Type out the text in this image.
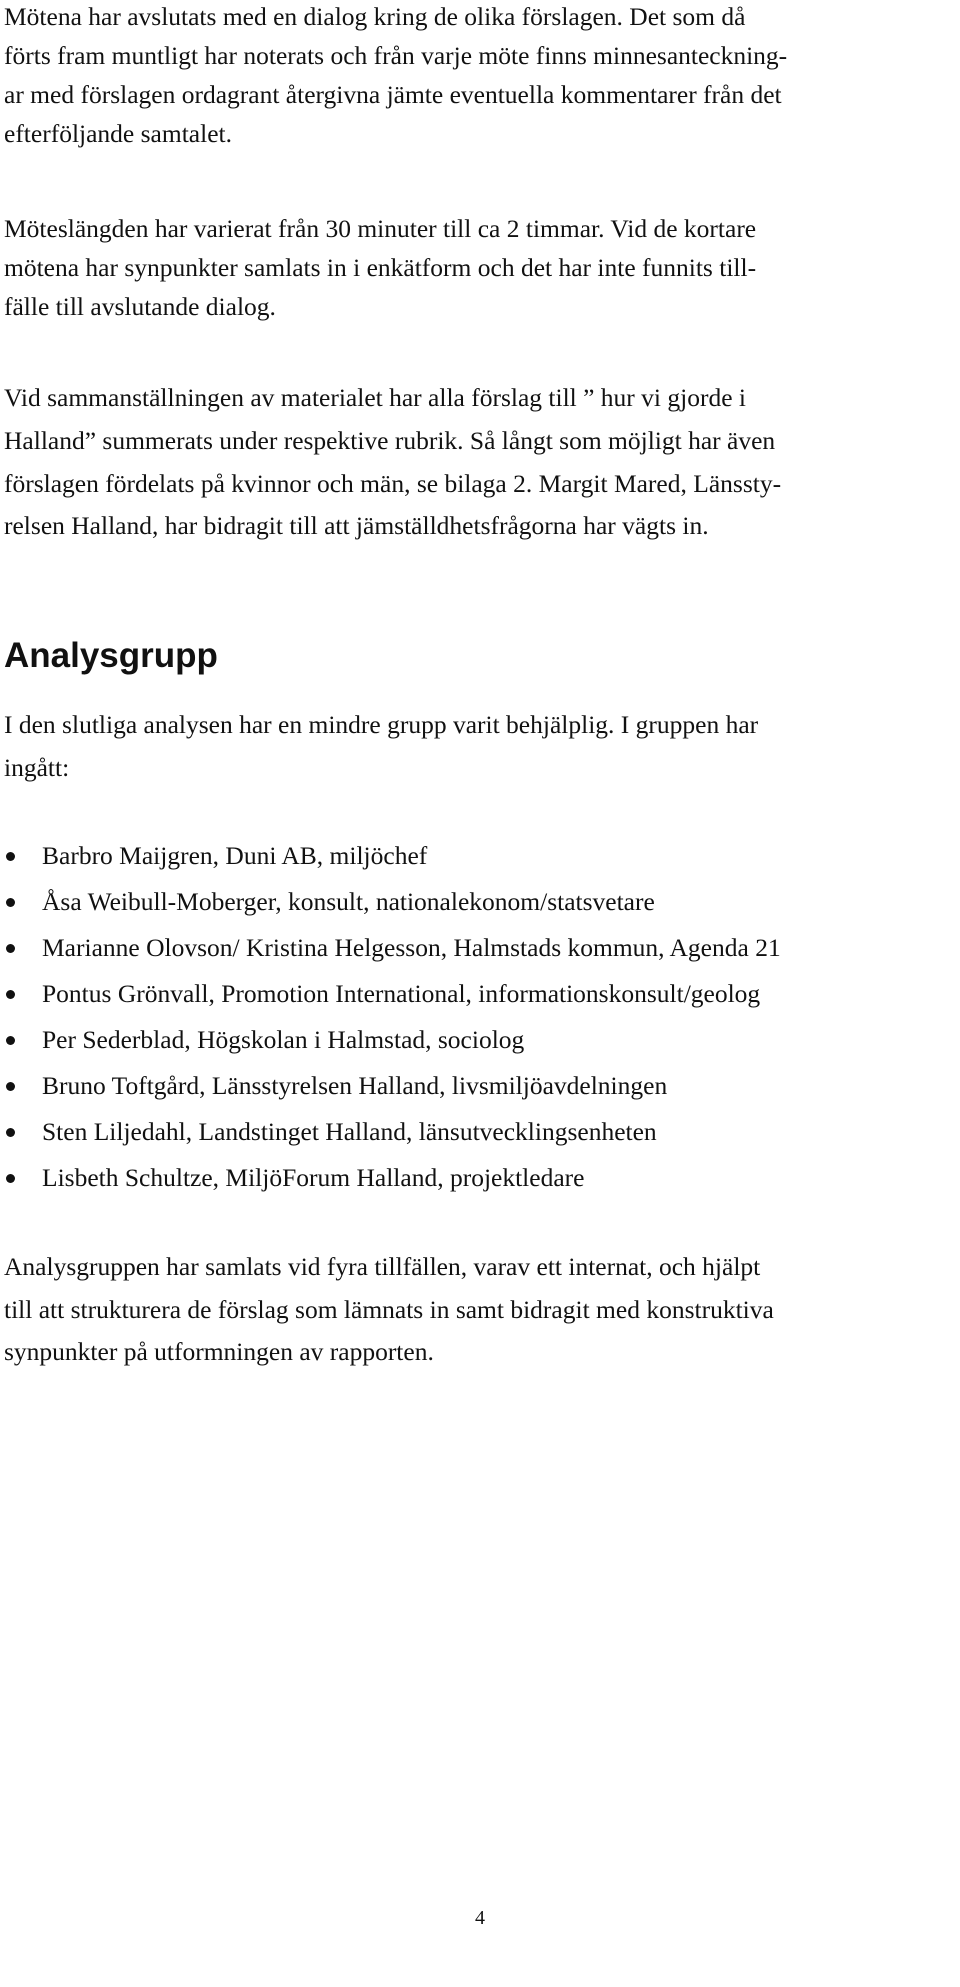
Mötena har avslutats med en dialog kring de olika förslagen. Det som då
förts fram muntligt har noterats och från varje möte finns minnesanteckning-
ar med förslagen ordagrant återgivna jämte eventuella kommentarer från det
efterföljande samtalet.
Möteslängden har varierat från 30 minuter till ca 2 timmar. Vid de kortare
mötena har synpunkter samlats in i enkätform och det har inte funnits till-
fälle till avslutande dialog.
Vid sammanställningen av materialet har alla förslag till ” hur vi gjorde i
Halland” summerats under respektive rubrik. Så långt som möjligt har även
förslagen fördelats på kvinnor och män, se bilaga 2. Margit Mared, Länssty-
relsen Halland, har bidragit till att jämställdhetsfrågorna har vägts in.
Analysgrupp
I den slutliga analysen har en mindre grupp varit behjälplig. I gruppen har
ingått:
Barbro Maijgren, Duni AB, miljöchef
Åsa Weibull-Moberger, konsult, nationalekonom/statsvetare
Marianne Olovson/ Kristina Helgesson, Halmstads kommun, Agenda 21
Pontus Grönvall, Promotion International, informationskonsult/geolog
Per Sederblad, Högskolan i Halmstad, sociolog
Bruno Toftgård, Länsstyrelsen Halland, livsmiljöavdelningen
Sten Liljedahl, Landstinget Halland, länsutvecklingsenheten
Lisbeth Schultze, MiljöForum Halland, projektledare
Analysgruppen har samlats vid fyra tillfällen, varav ett internat, och hjälpt
till att strukturera de förslag som lämnats in samt bidragit med konstruktiva
synpunkter på utformningen av rapporten.
4
